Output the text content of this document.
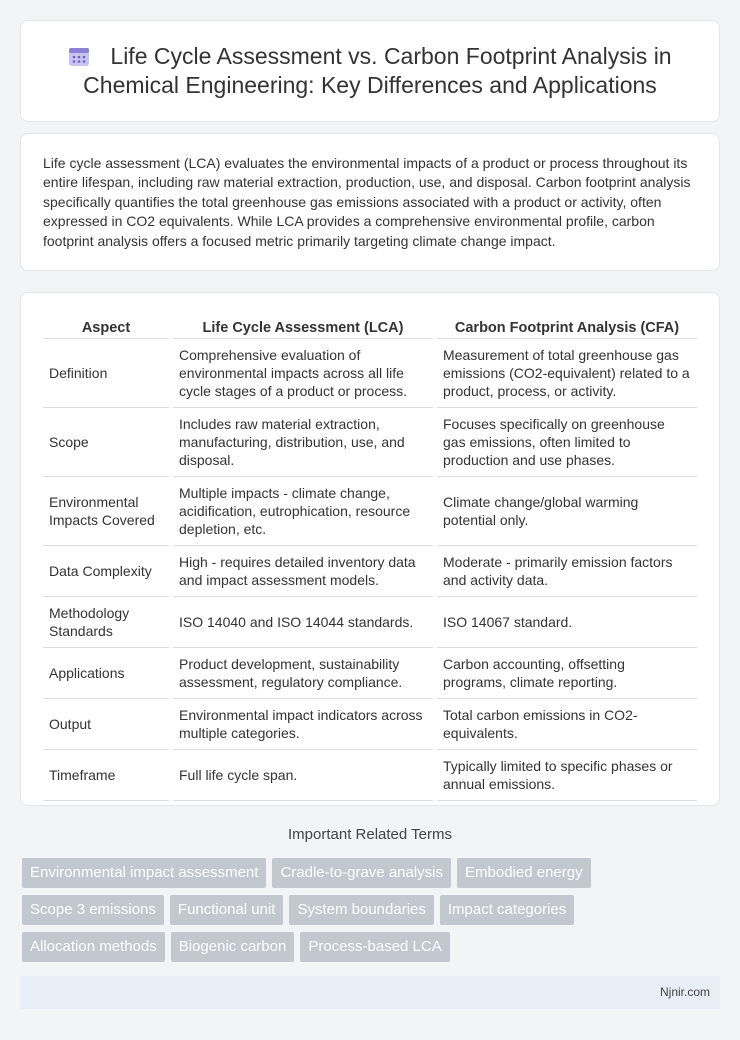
Life Cycle Assessment vs. Carbon Footprint Analysis in Chemical Engineering: Key Differences and Applications

Life cycle assessment (LCA) evaluates the environmental impacts of a product or process throughout its entire lifespan, including raw material extraction, production, use, and disposal. Carbon footprint analysis specifically quantifies the total greenhouse gas emissions associated with a product or activity, often expressed in CO2 equivalents. While LCA provides a comprehensive environmental profile, carbon footprint analysis offers a focused metric primarily targeting climate change impact.

Aspect	Life Cycle Assessment (LCA)	Carbon Footprint Analysis (CFA)
Definition	Comprehensive evaluation of environmental impacts across all life cycle stages of a product or process.	Measurement of total greenhouse gas emissions (CO2-equivalent) related to a product, process, or activity.
Scope	Includes raw material extraction, manufacturing, distribution, use, and disposal.	Focuses specifically on greenhouse gas emissions, often limited to production and use phases.
Environmental Impacts Covered	Multiple impacts - climate change, acidification, eutrophication, resource depletion, etc.	Climate change/global warming potential only.
Data Complexity	High - requires detailed inventory data and impact assessment models.	Moderate - primarily emission factors and activity data.
Methodology Standards	ISO 14040 and ISO 14044 standards.	ISO 14067 standard.
Applications	Product development, sustainability assessment, regulatory compliance.	Carbon accounting, offsetting programs, climate reporting.
Output	Environmental impact indicators across multiple categories.	Total carbon emissions in CO2-equivalents.
Timeframe	Full life cycle span.	Typically limited to specific phases or annual emissions.
Important Related Terms
Environmental impact assessment	Cradle-to-grave analysis	Embodied energy
Scope 3 emissions	Functional unit	System boundaries	Impact categories
Allocation methods	Biogenic carbon	Process-based LCA
Njnir.com
